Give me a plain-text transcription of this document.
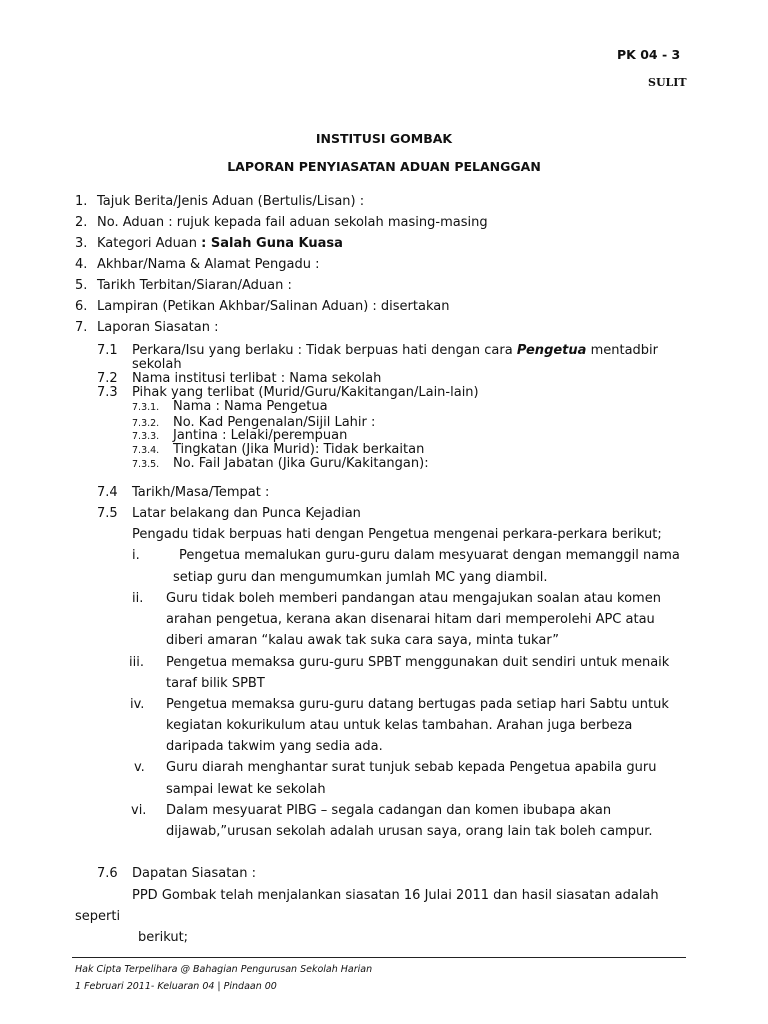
PK 04 - 3
SULIT
INSTITUSI GOMBAK
LAPORAN PENYIASATAN ADUAN PELANGGAN
1. Tajuk Berita/Jenis Aduan (Bertulis/Lisan) :
2. No. Aduan : rujuk kepada fail aduan sekolah masing-masing
3. Kategori Aduan : Salah Guna Kuasa
4. Akhbar/Nama & Alamat Pengadu :
5. Tarikh Terbitan/Siaran/Aduan :
6. Lampiran (Petikan Akhbar/Salinan Aduan) : disertakan
7. Laporan Siasatan :
7.1 Perkara/Isu yang berlaku : Tidak berpuas hati dengan cara Pengetua mentadbir
sekolah
7.2 Nama institusi terlibat : Nama sekolah
7.3 Pihak yang terlibat (Murid/Guru/Kakitangan/Lain-lain)
7.3.1. Nama : Nama Pengetua
7.3.2. No. Kad Pengenalan/Sijil Lahir :
7.3.3. Jantina : Lelaki/perempuan
7.3.4. Tingkatan (Jika Murid): Tidak berkaitan
7.3.5. No. Fail Jabatan (Jika Guru/Kakitangan):
7.4 Tarikh/Masa/Tempat :
7.5 Latar belakang dan Punca Kejadian
Pengadu tidak berpuas hati dengan Pengetua mengenai perkara-perkara berikut;
i.	Pengetua memalukan guru-guru dalam mesyuarat dengan memanggil nama
setiap guru dan mengumumkan jumlah MC yang diambil.
ii. Guru tidak boleh memberi pandangan atau mengajukan soalan atau komen
arahan pengetua, kerana akan disenarai hitam dari memperolehi APC atau
diberi amaran “kalau awak tak suka cara saya, minta tukar”
iii. Pengetua memaksa guru-guru SPBT menggunakan duit sendiri untuk menaik
taraf bilik SPBT
iv. Pengetua memaksa guru-guru datang bertugas pada setiap hari Sabtu untuk
kegiatan kokurikulum atau untuk kelas tambahan. Arahan juga berbeza
daripada takwim yang sedia ada.
v. Guru diarah menghantar surat tunjuk sebab kepada Pengetua apabila guru
sampai lewat ke sekolah
vi. Dalam mesyuarat PIBG – segala cadangan dan komen ibubapa akan
dijawab,”urusan sekolah adalah urusan saya, orang lain tak boleh campur.
7.6 Dapatan Siasatan :
PPD Gombak telah menjalankan siasatan 16 Julai 2011 dan hasil siasatan adalah
seperti
berikut;
Hak Cipta Terpelihara @ Bahagian Pengurusan Sekolah Harian
1 Februari 2011- Keluaran 04 | Pindaan 00
